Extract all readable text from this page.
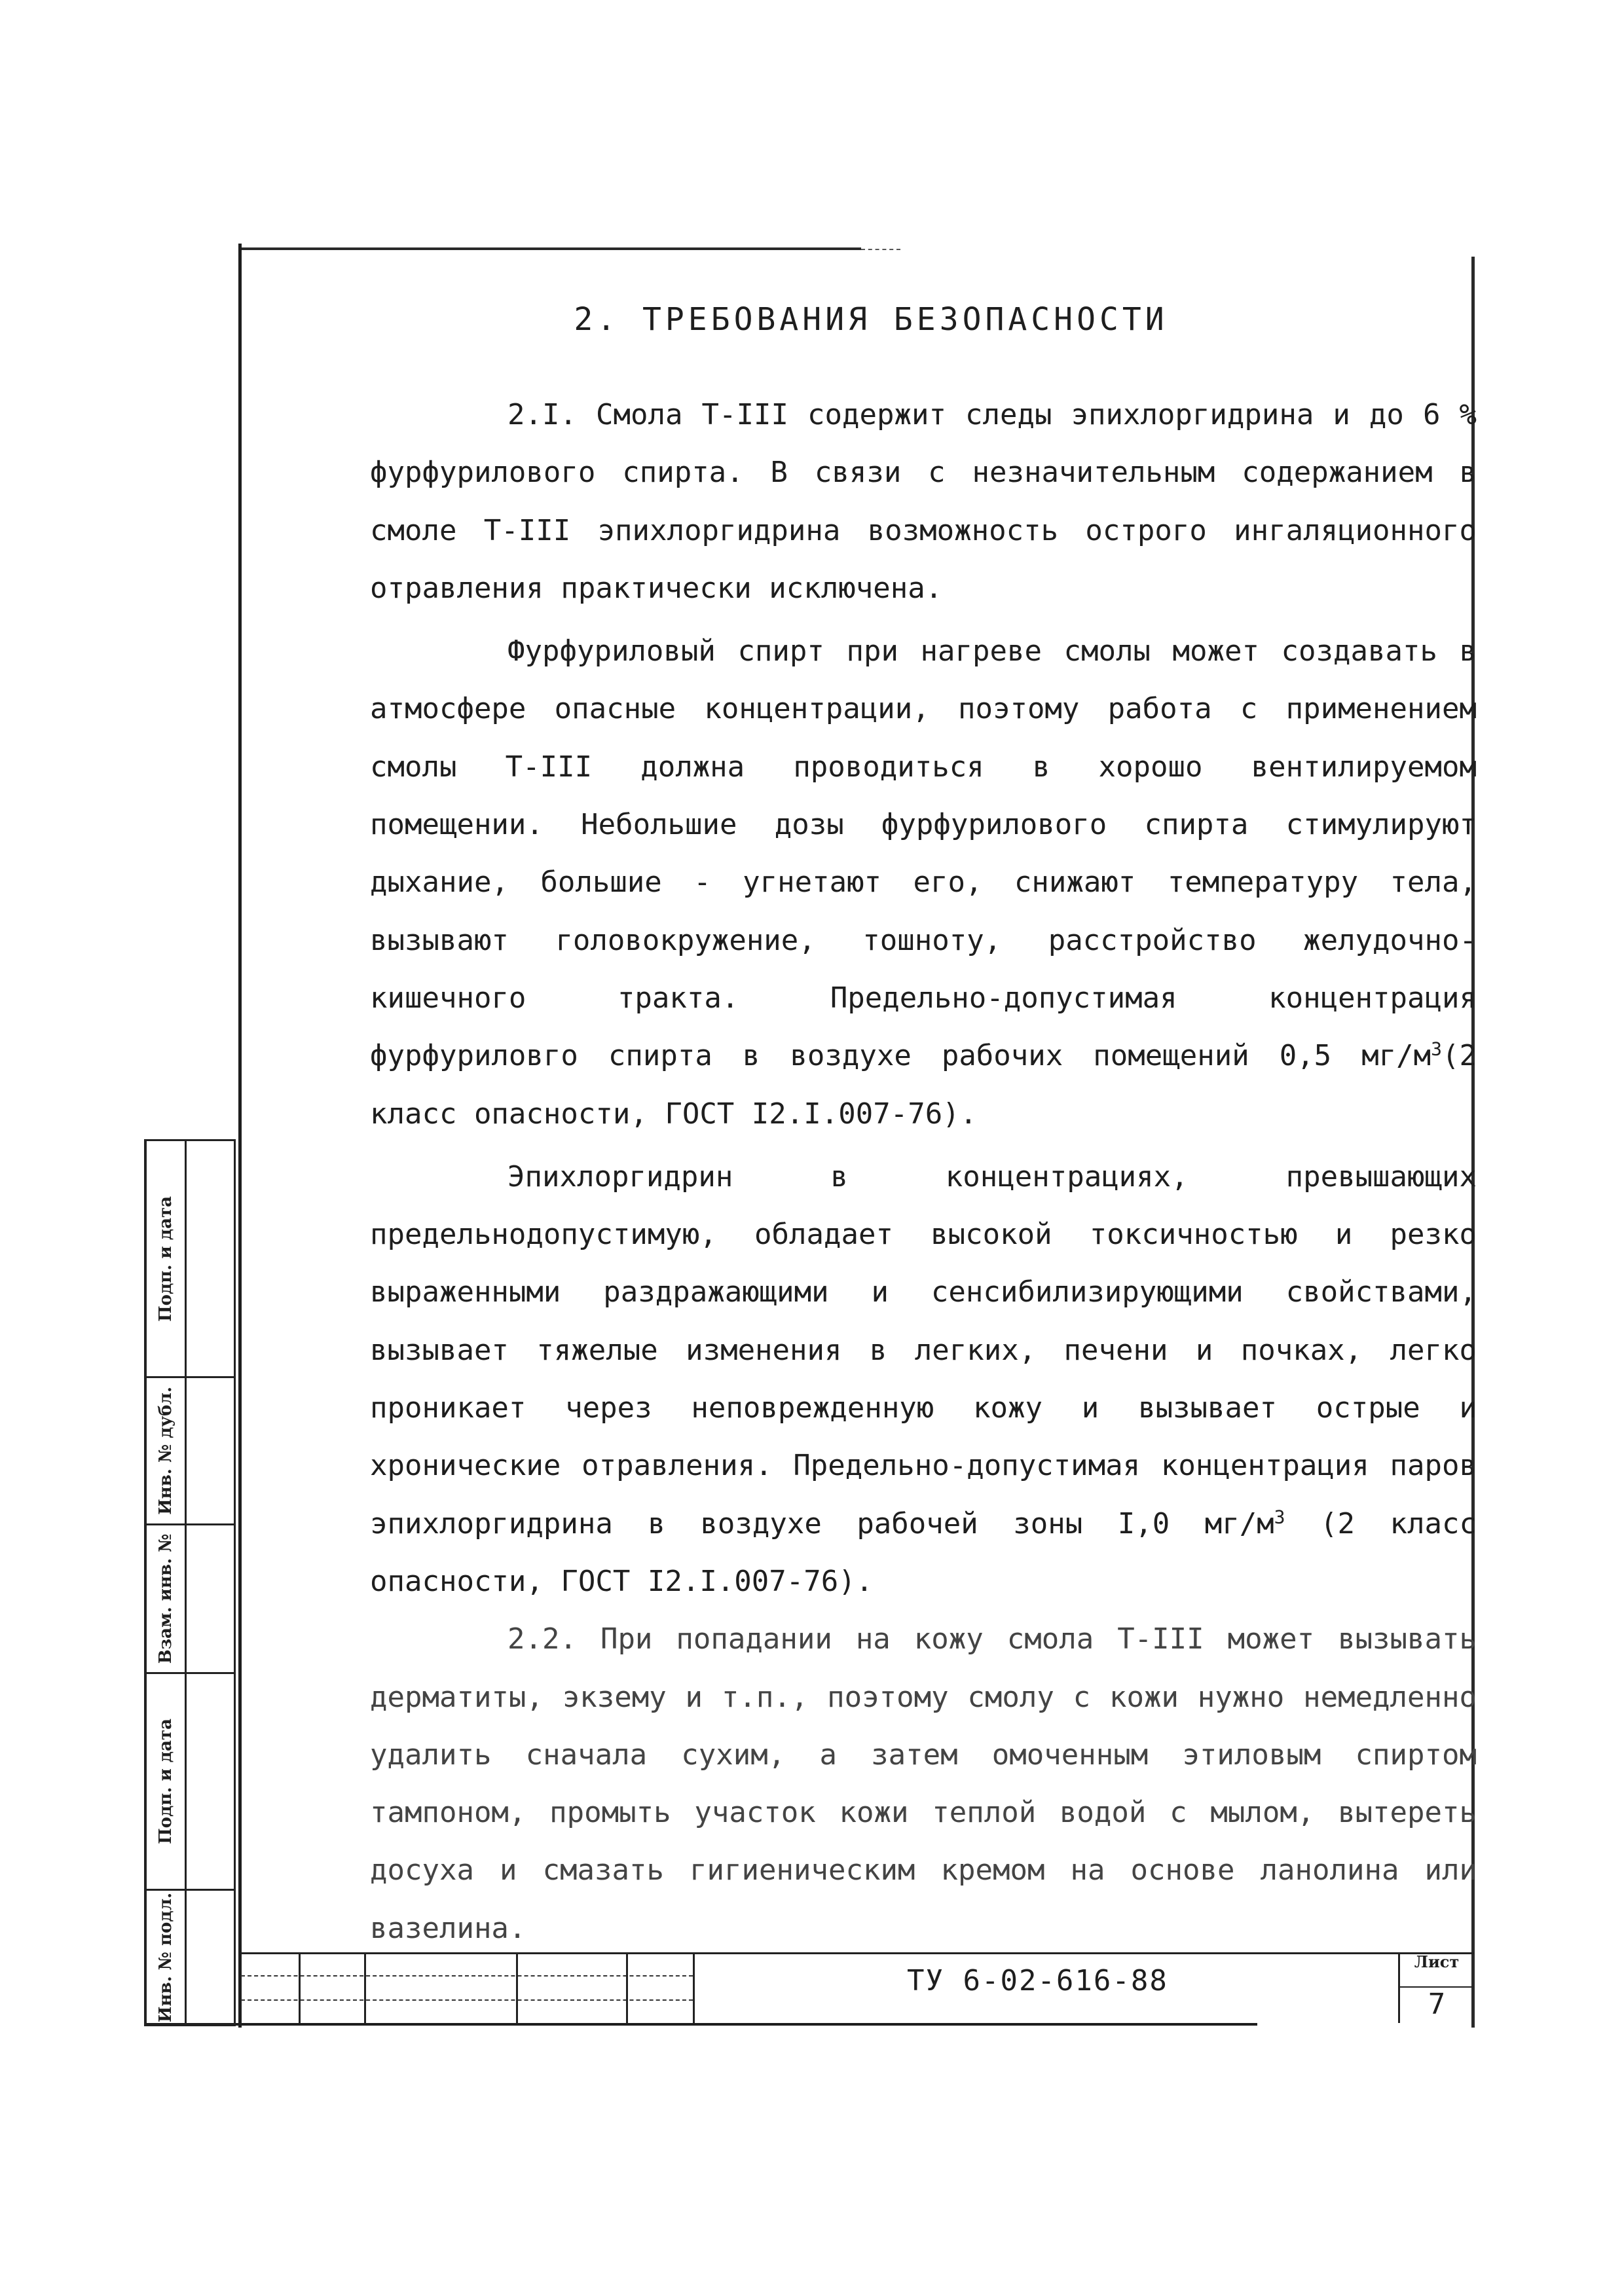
2. ТРЕБОВАНИЯ БЕЗОПАСНОСТИ

2.I. Смола Т-III содержит следы эпихлоргидрина и до 6 % фурфурилового спирта. В связи с незначительным содержанием в смоле Т-III эпихлоргидрина возможность острого ингаляционного отравления практически исключена.

Фурфуриловый спирт при нагреве смолы может создавать в атмосфере опасные концентрации, поэтому работа с применением смолы Т-III должна проводиться в хорошо вентилируемом помещении. Небольшие дозы фурфурилового спирта стимулируют дыхание, большие - угнетают его, снижают температуру тела, вызывают головокружение, тошноту, расстройство желудочно-кишечного тракта. Предельно-допустимая концентрация фурфуриловго спирта в воздухе рабочих помещений 0,5 $мг/м^3(2$ класс опасности, ГОСТ I2.I.007-76).

Эпихлоргидрин в концентрациях, превышающих предельнодопустимую, обладает высокой токсичностью и резко выраженными раздражающими и сенсибилизирующими свойствами, вызывает тяжелые изменения в легких, печени и почках, легко проникает через неповрежденную кожу и вызывает острые и хронические отравления. Предельно-допустимая концентрация паров эпихлоргидрина в воздухе рабочей зоны I,0 $мг/м^3$ (2 класс опасности, ГОСТ I2.I.007-76).

2.2. При попадании на кожу смола Т-III может вызывать дерматиты, экзему и т.п., поэтому смолу с кожи нужно немедленно удалить сначала сухим, а затем омоченным этиловым спиртом тампоном, промыть участок кожи теплой водой с мылом, вытереть досуха и смазать гигиеническим кремом на основе ланолина или вазелина.

Подп. и дата
Инв. № дубл.
Взам. инв. №
Подп. и дата
Инв. № подл.	ТУ 6-02-616-88
Лист
7
